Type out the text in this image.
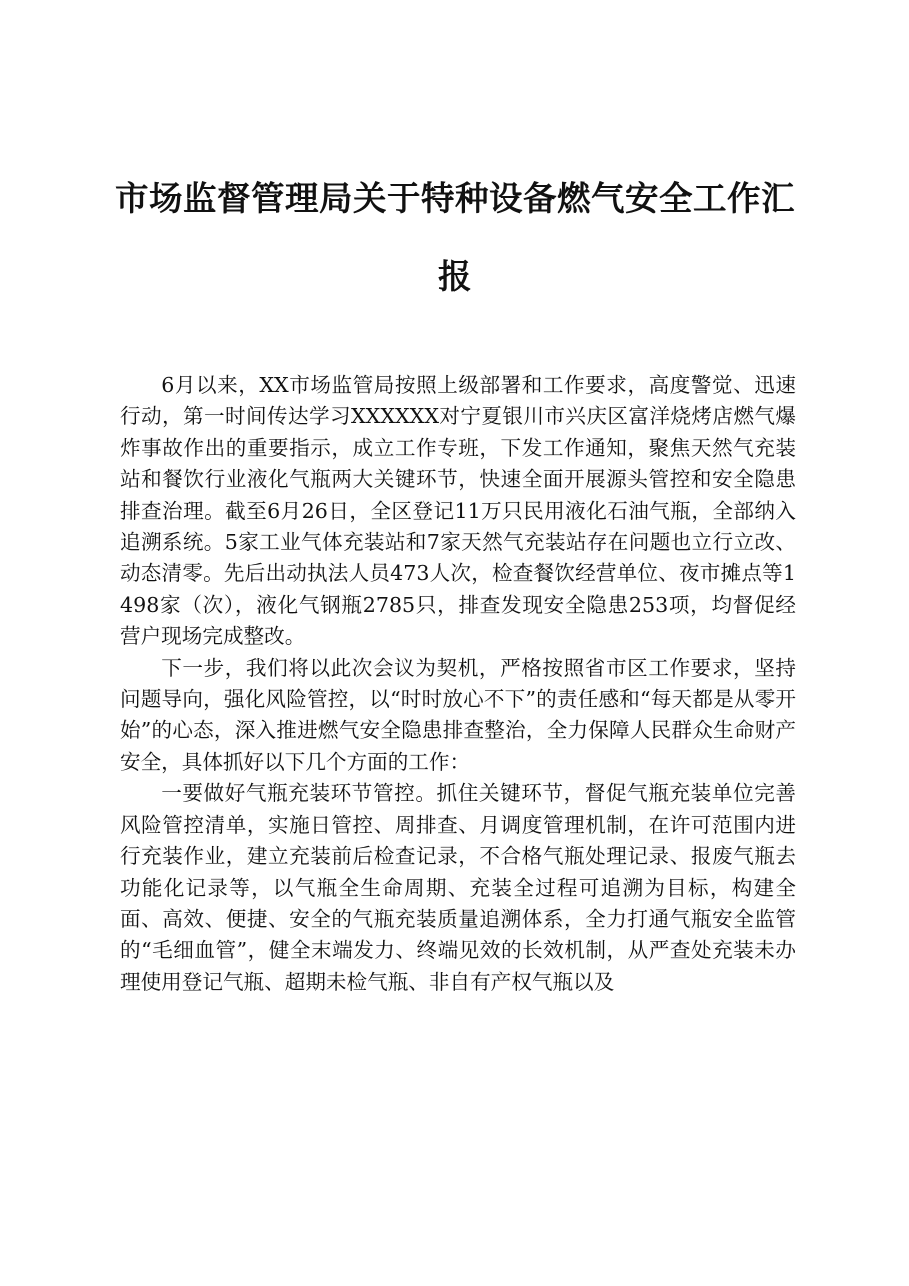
市场监督管理局关于特种设备燃气安全工作汇报

6月以来，XX市场监管局按照上级部署和工作要求，高度警觉、迅速行动，第一时间传达学习XXXXXX对宁夏银川市兴庆区富洋烧烤店燃气爆炸事故作出的重要指示，成立工作专班，下发工作通知，聚焦天然气充装站和餐饮行业液化气瓶两大关键环节，快速全面开展源头管控和安全隐患排查治理。截至6月26日，全区登记11万只民用液化石油气瓶，全部纳入追溯系统。5家工业气体充装站和7家天然气充装站存在问题也立行立改、动态清零。先后出动执法人员473人次，检查餐饮经营单位、夜市摊点等1498家（次），液化气钢瓶2785只，排查发现安全隐患253项，均督促经营户现场完成整改。

下一步，我们将以此次会议为契机，严格按照省市区工作要求，坚持问题导向，强化风险管控，以“时时放心不下”的责任感和“每天都是从零开始”的心态，深入推进燃气安全隐患排查整治，全力保障人民群众生命财产安全，具体抓好以下几个方面的工作：

一要做好气瓶充装环节管控。抓住关键环节，督促气瓶充装单位完善风险管控清单，实施日管控、周排查、月调度管理机制，在许可范围内进行充装作业，建立充装前后检查记录，不合格气瓶处理记录、报废气瓶去功能化记录等，以气瓶全生命周期、充装全过程可追溯为目标，构建全面、高效、便捷、安全的气瓶充装质量追溯体系，全力打通气瓶安全监管的“毛细血管”，健全末端发力、终端见效的长效机制，从严查处充装未办理使用登记气瓶、超期未检气瓶、非自有产权气瓶以及
